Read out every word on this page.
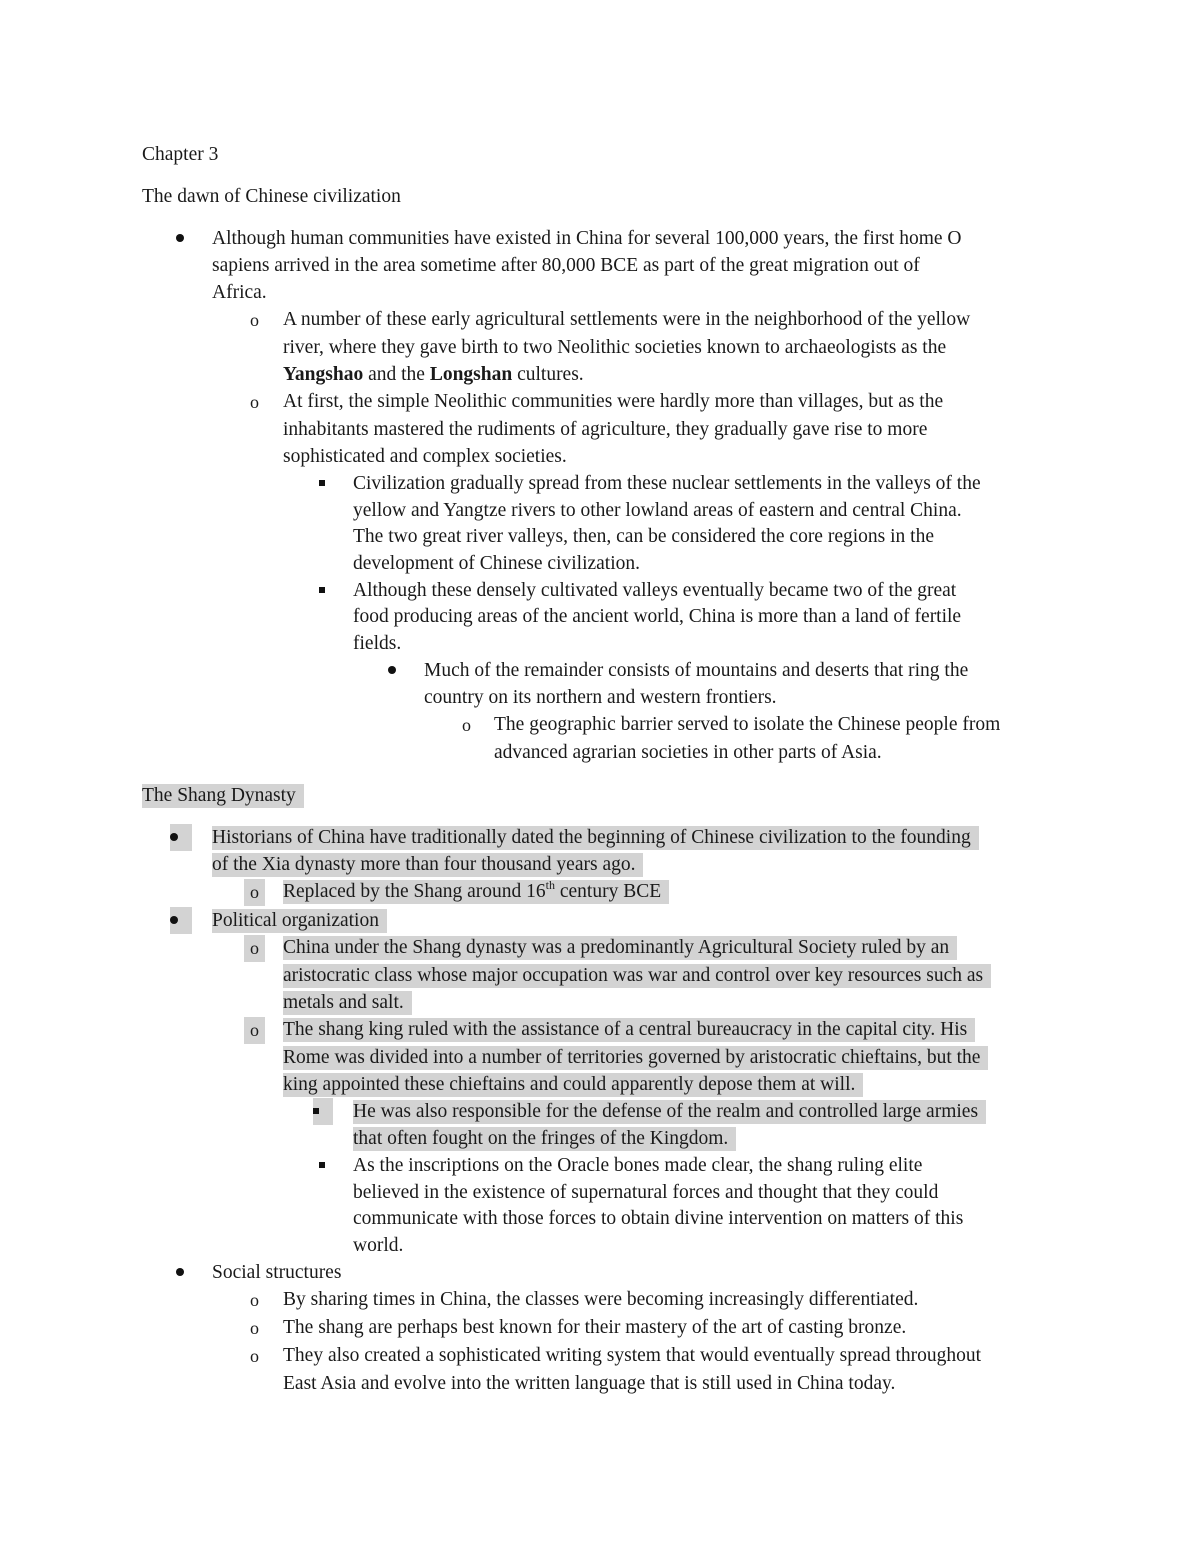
Chapter 3
The dawn of Chinese civilization
Although human communities have existed in China for several 100,000 years, the first home O
sapiens arrived in the area sometime after 80,000 BCE as part of the great migration out of
Africa.
o A number of these early agricultural settlements were in the neighborhood of the yellow
river, where they gave birth to two Neolithic societies known to archaeologists as the
Yangshao and the Longshan cultures.
o At first, the simple Neolithic communities were hardly more than villages, but as the
inhabitants mastered the rudiments of agriculture, they gradually gave rise to more
sophisticated and complex societies.
Civilization gradually spread from these nuclear settlements in the valleys of the
yellow and Yangtze rivers to other lowland areas of eastern and central China.
The two great river valleys, then, can be considered the core regions in the
development of Chinese civilization.
Although these densely cultivated valleys eventually became two of the great
food producing areas of the ancient world, China is more than a land of fertile
fields.
Much of the remainder consists of mountains and deserts that ring the
country on its northern and western frontiers.
o The geographic barrier served to isolate the Chinese people from
advanced agrarian societies in other parts of Asia.
The Shang Dynasty
Historians of China have traditionally dated the beginning of Chinese civilization to the founding
of the Xia dynasty more than four thousand years ago.
o	Replaced by the Shang around 16th century BCE
Political organization
o	China under the Shang dynasty was a predominantly Agricultural Society ruled by an
aristocratic class whose major occupation was war and control over key resources such as
metals and salt.
o	The shang king ruled with the assistance of a central bureaucracy in the capital city. His
Rome was divided into a number of territories governed by aristocratic chieftains, but the
king appointed these chieftains and could apparently depose them at will.
He was also responsible for the defense of the realm and controlled large armies
that often fought on the fringes of the Kingdom.
As the inscriptions on the Oracle bones made clear, the shang ruling elite
believed in the existence of supernatural forces and thought that they could
communicate with those forces to obtain divine intervention on matters of this
world.
Social structures
o By sharing times in China, the classes were becoming increasingly differentiated.
o The shang are perhaps best known for their mastery of the art of casting bronze.
o They also created a sophisticated writing system that would eventually spread throughout
East Asia and evolve into the written language that is still used in China today.
